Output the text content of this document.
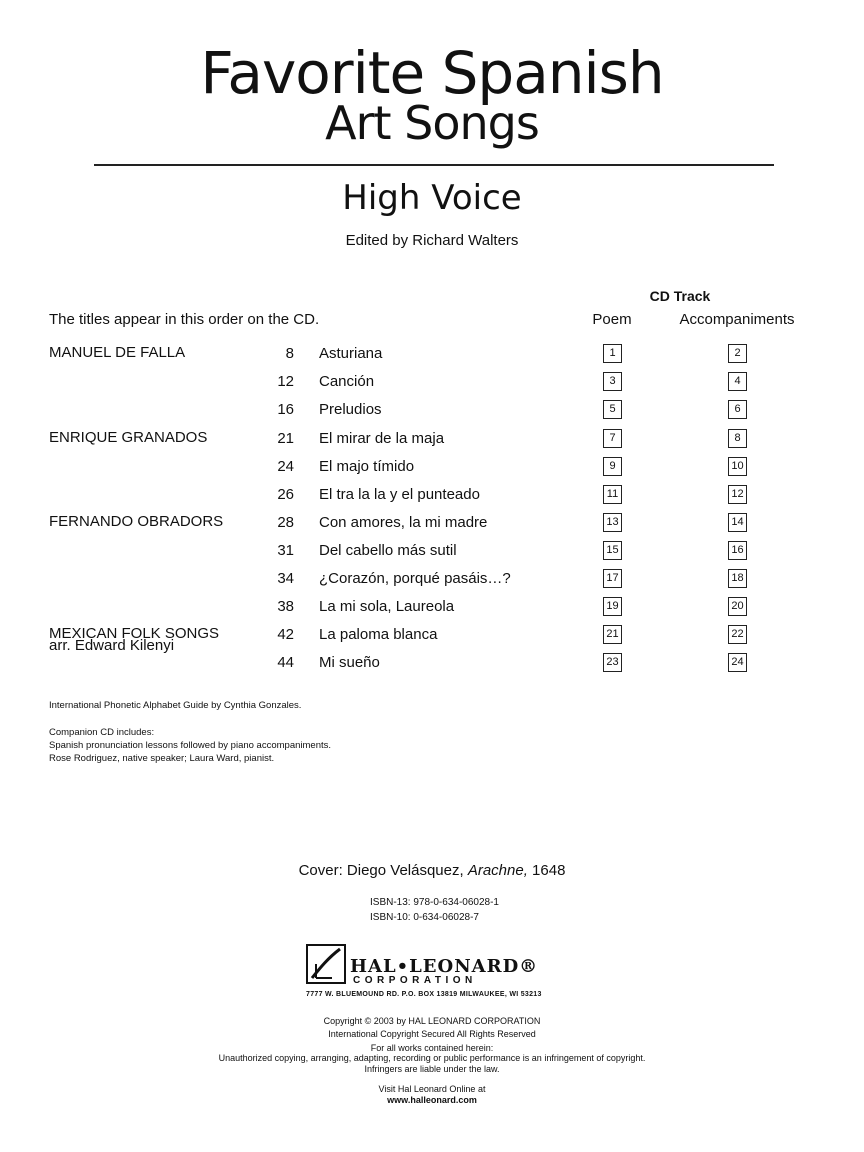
Favorite Spanish
Art Songs
High Voice
Edited by Richard Walters
CD Track
The titles appear in this order on the CD.	Poem	Accompaniments
MANUEL DE FALLA	8 Asturiana	1	2
12 Canción	3	4
16 Preludios	5	6
ENRIQUE GRANADOS	21 El mirar de la maja	7	8
24 El majo tímido	9	10
26 El tra la la y el punteado	11	12
FERNANDO OBRADORS	28 Con amores, la mi madre	13	14
31 Del cabello más sutil	15	16
34 ¿Corazón, porqué pasáis…?	17	18
38 La mi sola, Laureola	19	20
MEXICAN FOLK SONGS
arr. Edward Kilenyi
42 La paloma blanca	21	22
44 Mi sueño	23	24
International Phonetic Alphabet Guide by Cynthia Gonzales.
Companion CD includes:
Spanish pronunciation lessons followed by piano accompaniments.
Rose Rodriguez, native speaker; Laura Ward, pianist.
Cover: Diego Velásquez, Arachne, 1648
ISBN-13: 978-0-634-06028-1
ISBN-10: 0-634-06028-7
HAL•LEONARD®
CORPORATION
7777 W. BLUEMOUND RD. P.O. BOX 13819 MILWAUKEE, WI 53213
Copyright © 2003 by HAL LEONARD CORPORATION
International Copyright Secured All Rights Reserved
For all works contained herein:
Unauthorized copying, arranging, adapting, recording or public performance is an infringement of copyright.
Infringers are liable under the law.
Visit Hal Leonard Online at
www.halleonard.com
